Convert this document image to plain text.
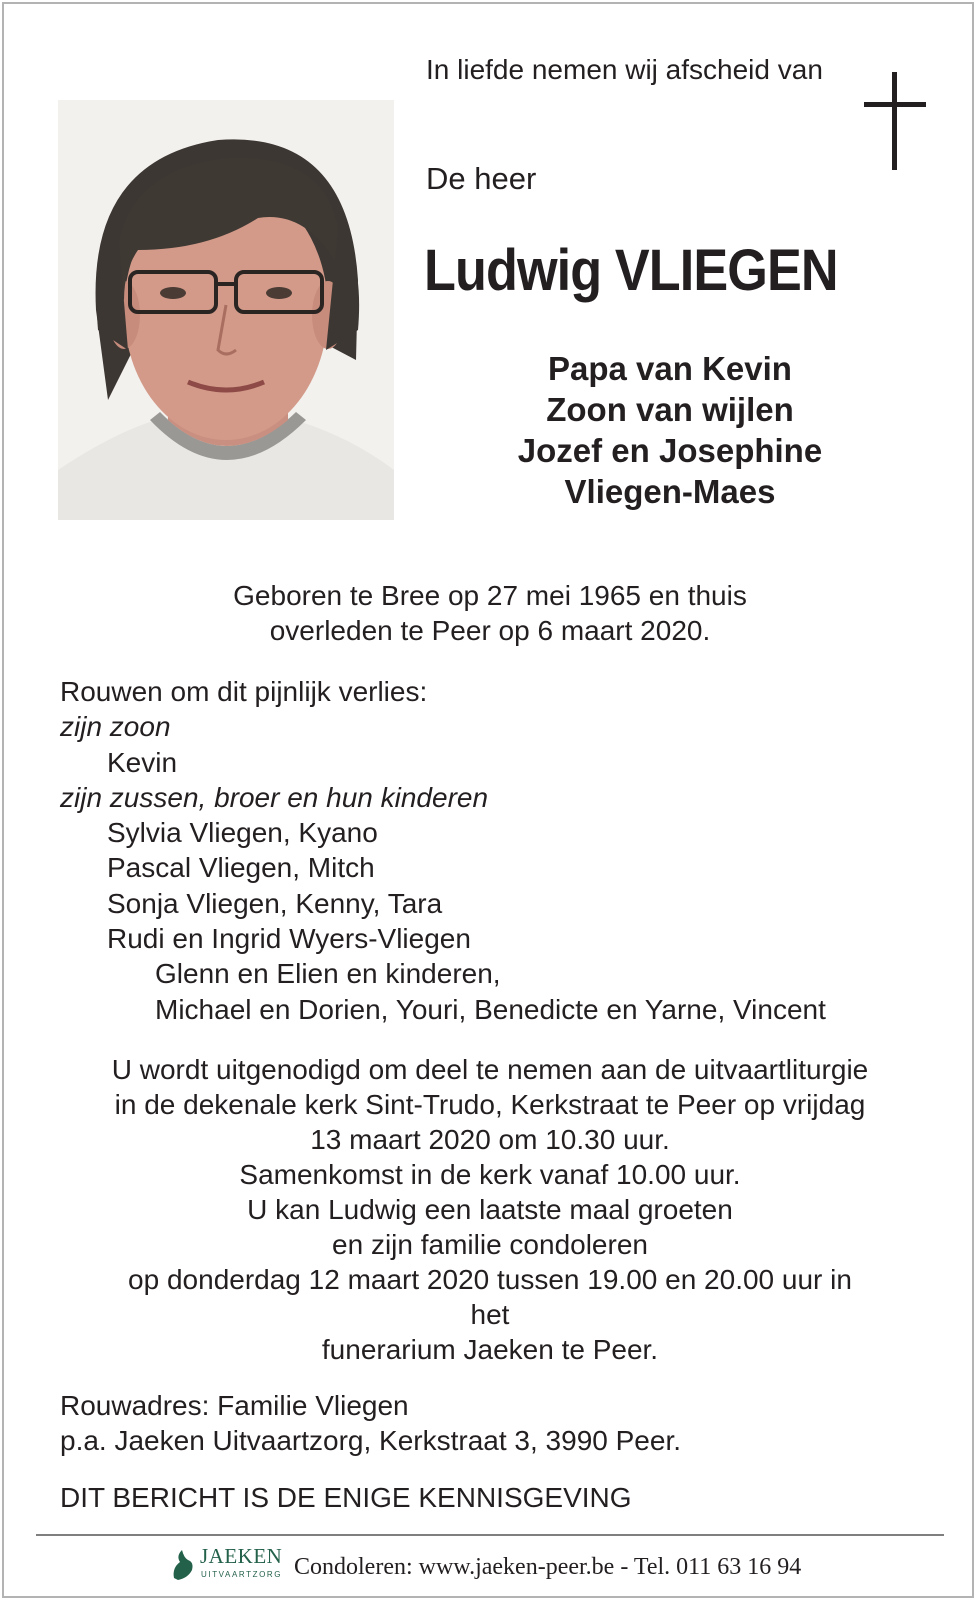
In liefde nemen wij afscheid van
De heer
Ludwig VLIEGEN
Papa van Kevin
Zoon van wijlen
Jozef en Josephine
Vliegen-Maes
Geboren te Bree op 27 mei 1965 en thuis
overleden te Peer op 6 maart 2020.
Rouwen om dit pijnlijk verlies:
zijn zoon
Kevin
zijn zussen, broer en hun kinderen
Sylvia Vliegen, Kyano
Pascal Vliegen, Mitch
Sonja Vliegen, Kenny, Tara
Rudi en Ingrid Wyers-Vliegen
Glenn en Elien en kinderen,
Michael en Dorien, Youri, Benedicte en Yarne, Vincent
U wordt uitgenodigd om deel te nemen aan de uitvaartliturgie
in de dekenale kerk Sint-Trudo, Kerkstraat te Peer op vrijdag
13 maart 2020 om 10.30 uur.
Samenkomst in de kerk vanaf 10.00 uur.
U kan Ludwig een laatste maal groeten
en zijn familie condoleren
op donderdag 12 maart 2020 tussen 19.00 en 20.00 uur in
het
funerarium Jaeken te Peer.
Rouwadres: Familie Vliegen
p.a. Jaeken Uitvaartzorg, Kerkstraat 3, 3990 Peer.
DIT BERICHT IS DE ENIGE KENNISGEVING
JAEKEN
UITVAARTZORG Condoleren: www.jaeken-peer.be - Tel. 011 63 16 94
